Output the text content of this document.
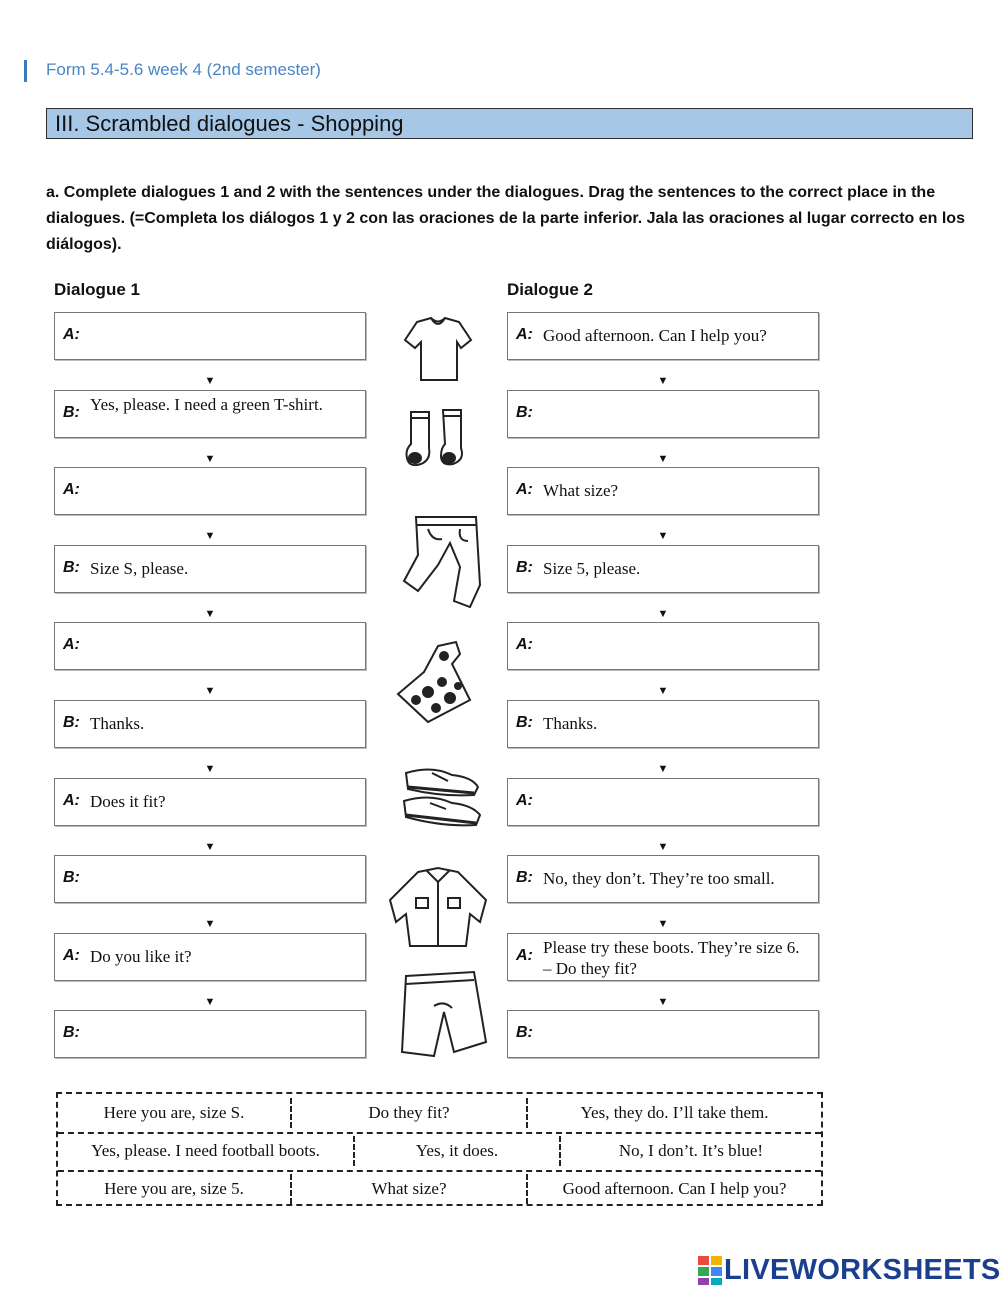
Form 5.4-5.6 week 4 (2nd semester)
III. Scrambled dialogues - Shopping
a. Complete dialogues 1 and 2 with the sentences under the dialogues. Drag the sentences to the correct place in the dialogues. (=Completa los diálogos 1 y 2 con las oraciones de la parte inferior. Jala las oraciones al lugar correcto en los diálogos).
Dialogue 1	Dialogue 2
A:
▼
B: Yes, please. I need a green T-shirt.
▼
A:
▼
B: Size S, please.
▼
A:
▼
B: Thanks.
▼
A: Does it fit?
▼
B:
▼
A: Do you like it?
▼
B:
A: Good afternoon. Can I help you?
▼
B:
▼
A: What size?
▼
B: Size 5, please.
▼
A:
▼
B: Thanks.
▼
A:
▼
B: No, they don’t. They’re too small.
▼
A: Please try these boots. They’re size 6. – Do they fit?
▼
B:
Here you are, size S.	Do they fit?	Yes, they do. I’ll take them.
Yes, please. I need football boots.	Yes, it does.	No, I don’t. It’s blue!
Here you are, size 5.	What size?	Good afternoon. Can I help you?
LIVEWORKSHEETS
